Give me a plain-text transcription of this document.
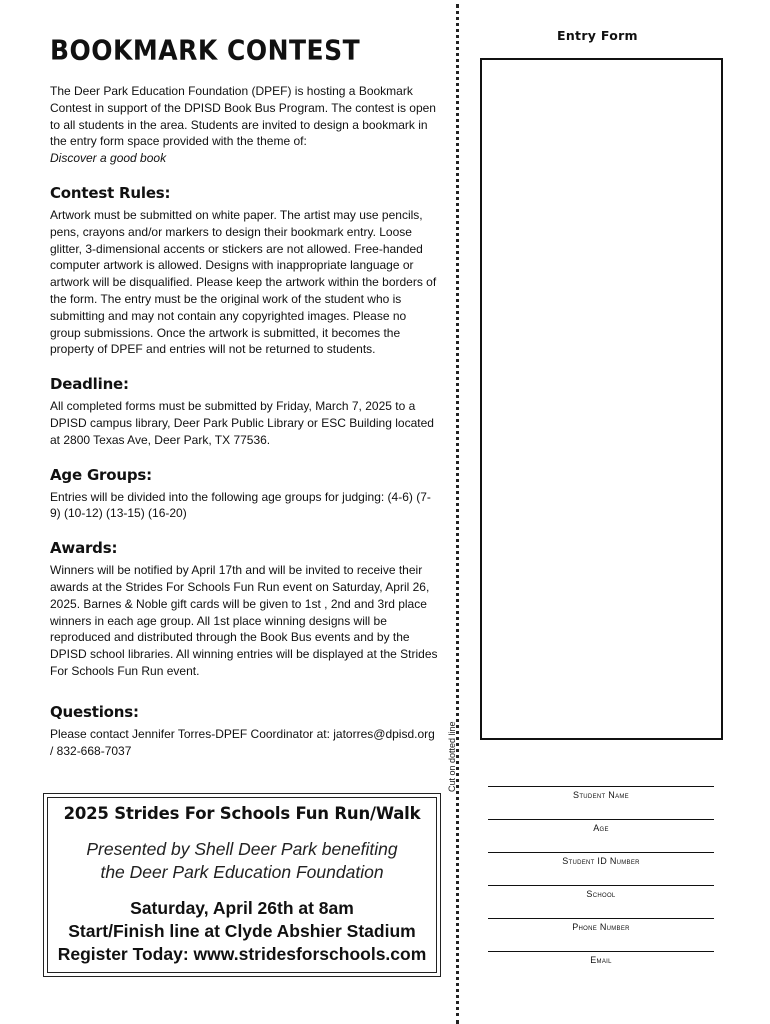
BOOKMARK CONTEST

The Deer Park Education Foundation (DPEF) is hosting a Bookmark Contest in support of the DPISD Book Bus Program. The contest is open to all students in the area. Students are invited to design a bookmark in the entry form space provided with the theme of:
Discover a good book

Contest Rules:

Artwork must be submitted on white paper. The artist may use pencils, pens, crayons and/or markers to design their bookmark entry. Loose glitter, 3-dimensional accents or stickers are not allowed. Free-handed computer artwork is allowed. Designs with inappropriate language or artwork will be disqualified. Please keep the artwork within the borders of the form. The entry must be the original work of the student who is submitting and may not contain any copyrighted images. Please no group submissions. Once the artwork is submitted, it becomes the property of DPEF and entries will not be returned to students.

Deadline:

All completed forms must be submitted by Friday, March 7, 2025 to a DPISD campus library, Deer Park Public Library or ESC Building located at 2800 Texas Ave, Deer Park, TX 77536.

Age Groups:

Entries will be divided into the following age groups for judging: (4-6) (7-9) (10-12) (13-15) (16-20)

Awards:

Winners will be notified by April 17th and will be invited to receive their awards at the Strides For Schools Fun Run event on Saturday, April 26, 2025. Barnes & Noble gift cards will be given to 1st , 2nd and 3rd place winners in each age group. All 1st place winning designs will be reproduced and distributed through the Book Bus events and by the DPISD school libraries. All winning entries will be displayed at the Strides For Schools Fun Run event.

Questions:

Please contact Jennifer Torres-DPEF Coordinator at: jatorres@dpisd.org / 832-668-7037

2025 Strides For Schools Fun Run/Walk
Presented by Shell Deer Park benefiting
the Deer Park Education Foundation
Saturday, April 26th at 8am
Start/Finish line at Clyde Abshier Stadium
Register Today: www.stridesforschools.com
Cut on dotted line
Entry Form
Student Name
Age
Student ID Number
School
Phone Number
Email
